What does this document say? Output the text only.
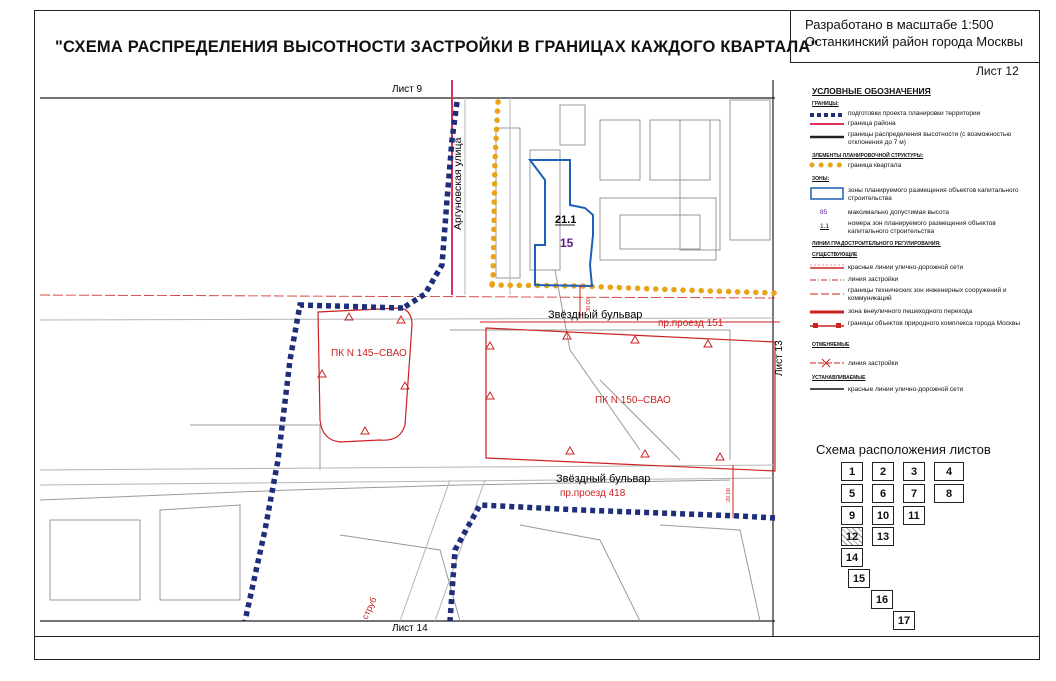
"СХЕМА РАСПРЕДЕЛЕНИЯ ВЫСОТНОСТИ ЗАСТРОЙКИ В ГРАНИЦАХ КАЖДОГО КВАРТАЛА"
Разработано в масштабе 1:500
Останкинский район города Москвы
Лист 12
Лист 9
Лист 14
Лист 13
Аргуновская улица
Звёздный бульвар
пр.проезд 151
Звёздный бульвар
пр.проезд 418
21.1
15
ПК N 145–СВАО
ПК N 150–СВАО
30.00
20.00
струб
УСЛОВНЫЕ ОБОЗНАЧЕНИЯ
ГРАНИЦЫ:
подготовки проекта планировки территории
граница района
границы распределения высотности (с возможностью отклонения до 7 м)
ЭЛЕМЕНТЫ ПЛАНИРОВОЧНОЙ СТРУКТУРЫ:
граница квартала
ЗОНЫ:
зоны планируемого размещения объектов капитального строительства
85	максимально допустимая высота
1.1	номера зон планируемого размещения объектов капитального строительства
ЛИНИИ ГРАДОСТРОИТЕЛЬНОГО РЕГУЛИРОВАНИЯ:
СУЩЕСТВУЮЩИЕ
красные линии улично-дорожной сети
линия застройки
границы технических зон инженерных сооружений и коммуникаций
зона внеуличного пешеходного перехода
границы объектов природного комплекса города Москвы
ОТМЕНЯЕМЫЕ
линия застройки
УСТАНАВЛИВАЕМЫЕ
красные линии улично-дорожной сети
Схема расположения листов
1	2	3	4
5	6	7	8
9	10	11
12	13
14
15
16
17
